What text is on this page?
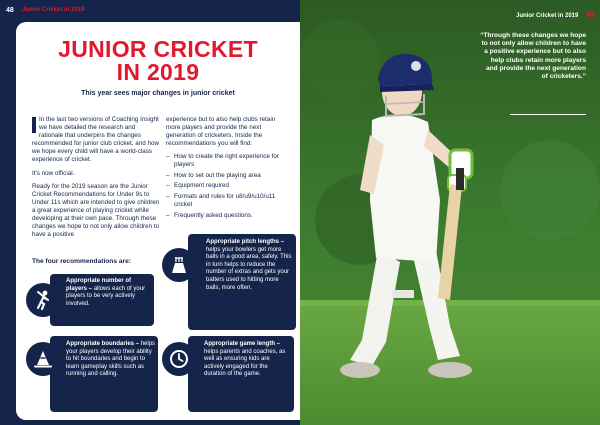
48 Junior Cricket in 2019
JUNIOR CRICKET
IN 2019
This year sees major changes in junior cricket

In the last two versions of Coaching Insight we have detailed the research and rationale that underpins the changes recommended for junior club cricket, and how we hope every child will have a world-class experience of cricket.

It's now official.

Ready for the 2019 season are the Junior Cricket Recommendations for Under 9s to Under 11s which are intended to give children a great experience of playing cricket while developing at their own pace. Through these changes we hope to not only allow children to have a positive

experience but to also help clubs retain more players and provide the next generation of cricketers. Inside the recommendations you will find:

– How to create the right experience for players
– How to set out the playing area
– Equipment required
– Formats and rules for u8/u9/u10/u11 cricket
– Frequently asked questions.
The four recommendations are:
Appropriate number of players – allows each of your players to be very actively involved.
Appropriate pitch lengths – helps your bowlers get more balls in a good area, safely. This in turn helps to reduce the number of extras and gets your batters used to hitting more balls, more often.
Appropriate boundaries – helps your players develop their ability to hit boundaries and begin to learn gameplay skills such as running and calling.
Appropriate game length – helps parents and coaches, as well as ensuring kids are actively engaged for the duration of the game.
Junior Cricket in 2019 49
“Through these changes we hope to not only allow children to have a positive experience but to also help clubs retain more players and provide the next generation of cricketers.”
